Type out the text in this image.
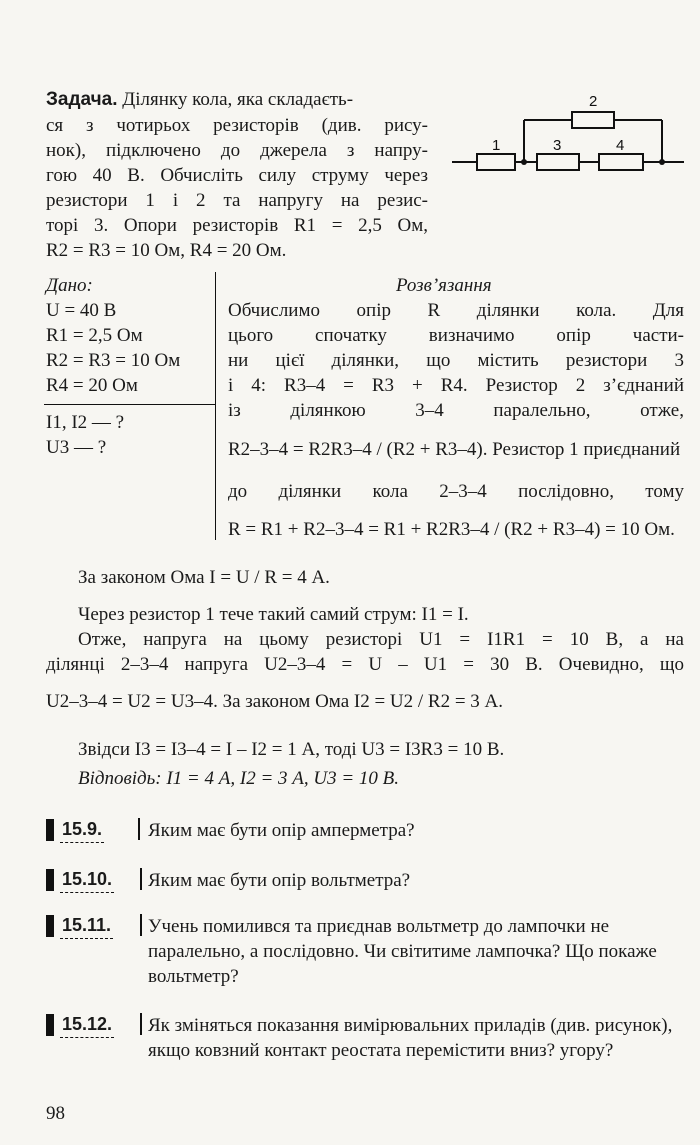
Задача. Ділянку кола, яка складаєть-
ся з чотирьох резисторів (див. рису-
нок), підключено до джерела з напру-
гою 40 В. Обчисліть силу струму через
резистори 1 і 2 та напругу на резис-
торі 3. Опори резисторів R1 = 2,5 Ом,
R2 = R3 = 10 Ом, R4 = 20 Ом.
1
2
3	4
Дано:
U = 40 В
R1 = 2,5 Ом
R2 = R3 = 10 Ом
R4 = 20 Ом
I1, I2 — ?
U3 — ?
Розв’язання
Обчислимо опір R ділянки кола. Для
цього спочатку визначимо опір части-
ни цієї ділянки, що містить резистори 3
і 4: R3–4 = R3 + R4. Резистор 2 з’єднаний
із ділянкою 3–4 паралельно, отже,
R2–3–4 = R2R3–4 / (R2 + R3–4). Резистор 1 приєднаний
до ділянки кола 2–3–4 послідовно, тому
R = R1 + R2–3–4 = R1 + R2R3–4 / (R2 + R3–4) = 10 Ом.
За законом Ома I = U / R = 4 А.
Через резистор 1 тече такий самий струм: I1 = I.
Отже, напруга на цьому резисторі U1 = I1R1 = 10 В, а на
ділянці 2–3–4 напруга U2–3–4 = U – U1 = 30 В. Очевидно, що
U2–3–4 = U2 = U3–4. За законом Ома I2 = U2 / R2 = 3 А.
Звідси I3 = I3–4 = I – I2 = 1 А, тоді U3 = I3R3 = 10 В.
Відповідь: I1 = 4 А, I2 = 3 А, U3 = 10 В.
15.9. Яким має бути опір амперметра?
15.10. Яким має бути опір вольтметра?
15.11. Учень помилився та приєднав вольтметр до лампочки не паралельно, а послідовно. Чи світитиме лампочка? Що покаже вольтметр?
15.12. Як зміняться показання вимірювальних приладів (див. рисунок), якщо ковзний контакт реостата перемістити вниз? угору?
98
